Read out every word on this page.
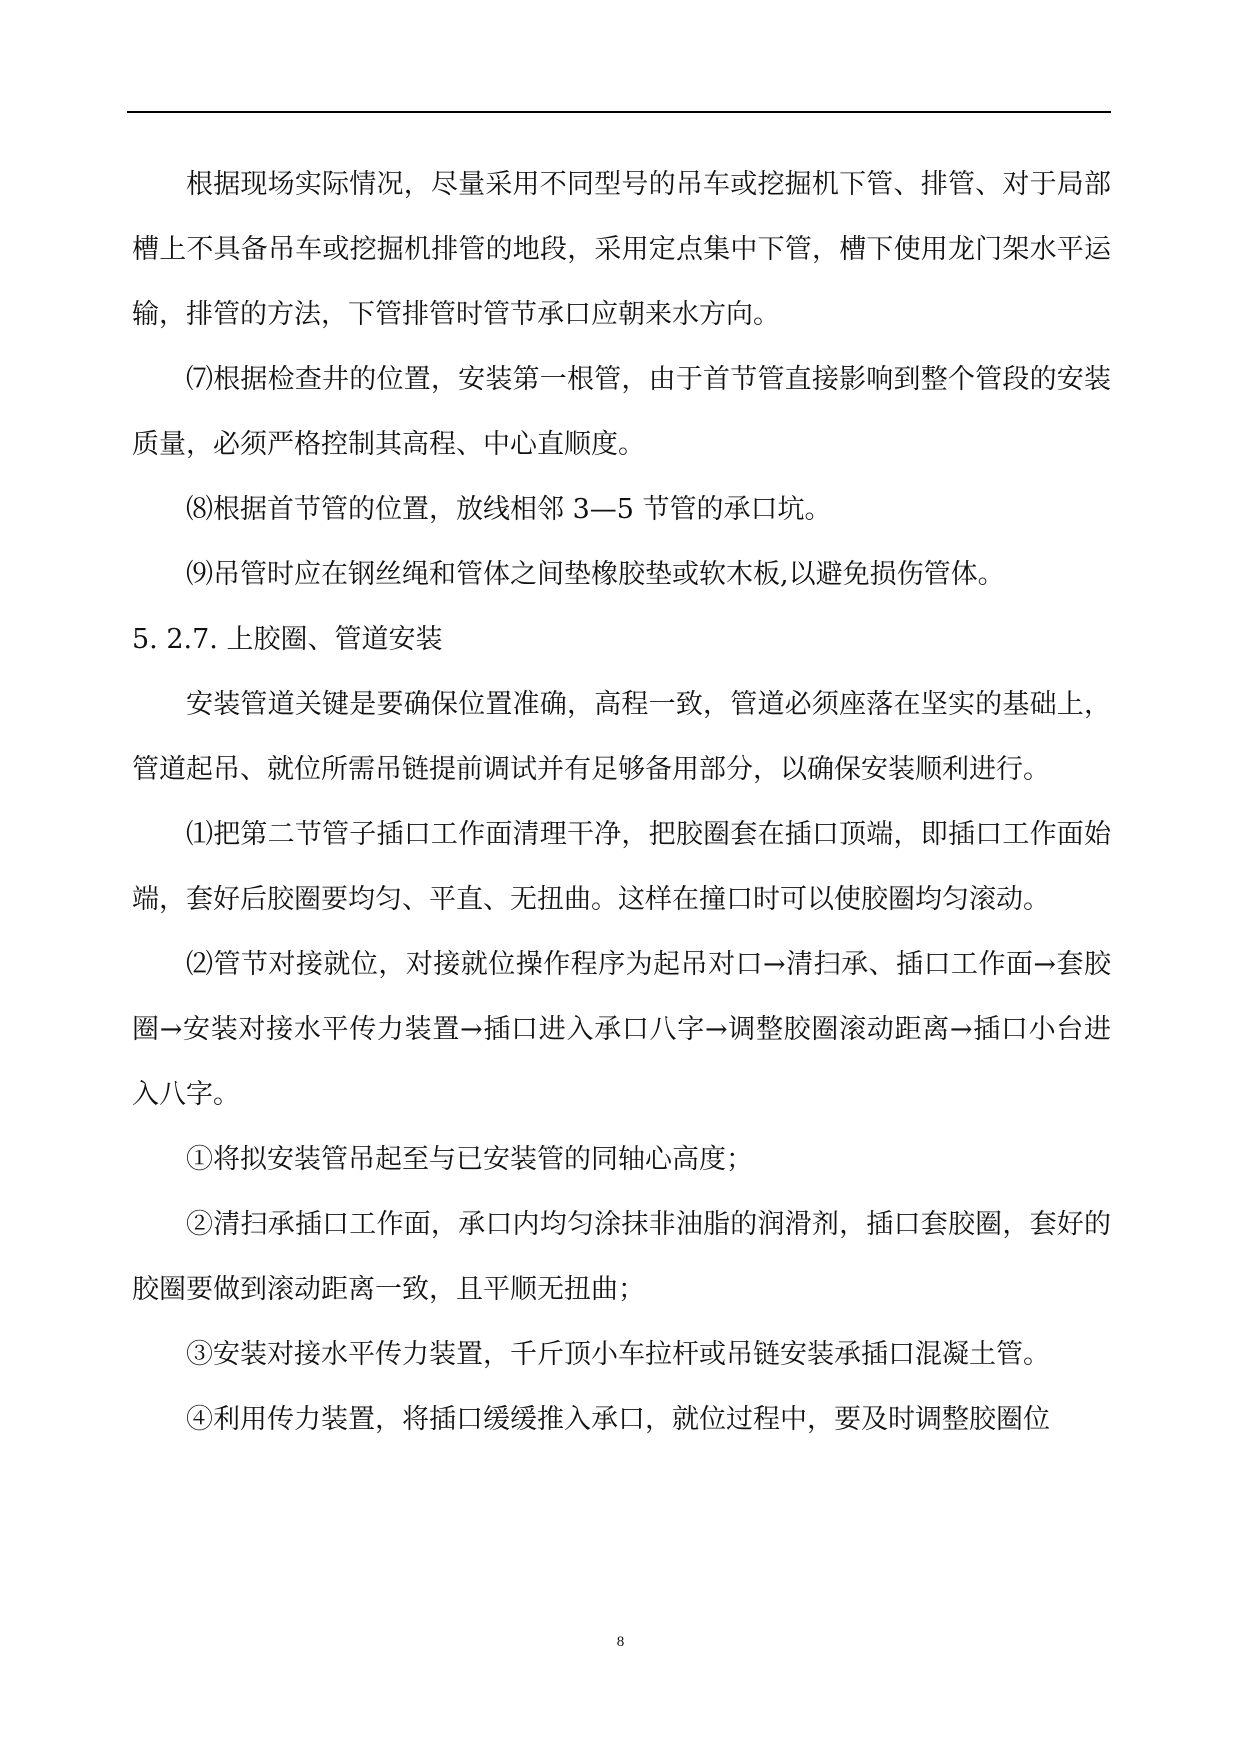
根据现场实际情况，尽量采用不同型号的吊车或挖掘机下管、排管、对于局部槽上不具备吊车或挖掘机排管的地段，采用定点集中下管，槽下使用龙门架水平运输，排管的方法，下管排管时管节承口应朝来水方向。

⑺根据检查井的位置，安装第一根管，由于首节管直接影响到整个管段的安装质量，必须严格控制其高程、中心直顺度。

⑻根据首节管的位置，放线相邻 3—5 节管的承口坑。

⑼吊管时应在钢丝绳和管体之间垫橡胶垫或软木板,以避免损伤管体。

5. 2.7. 上胶圈、管道安装

安装管道关键是要确保位置准确，高程一致，管道必须座落在坚实的基础上，管道起吊、就位所需吊链提前调试并有足够备用部分，以确保安装顺利进行。

⑴把第二节管子插口工作面清理干净，把胶圈套在插口顶端，即插口工作面始端，套好后胶圈要均匀、平直、无扭曲。这样在撞口时可以使胶圈均匀滚动。

⑵管节对接就位，对接就位操作程序为起吊对口→清扫承、插口工作面→套胶圈→安装对接水平传力装置→插口进入承口八字→调整胶圈滚动距离→插口小台进入八字。

①将拟安装管吊起至与已安装管的同轴心高度；

②清扫承插口工作面，承口内均匀涂抹非油脂的润滑剂，插口套胶圈，套好的胶圈要做到滚动距离一致，且平顺无扭曲；

③安装对接水平传力装置，千斤顶小车拉杆或吊链安装承插口混凝土管。

④利用传力装置，将插口缓缓推入承口，就位过程中，要及时调整胶圈位

8
